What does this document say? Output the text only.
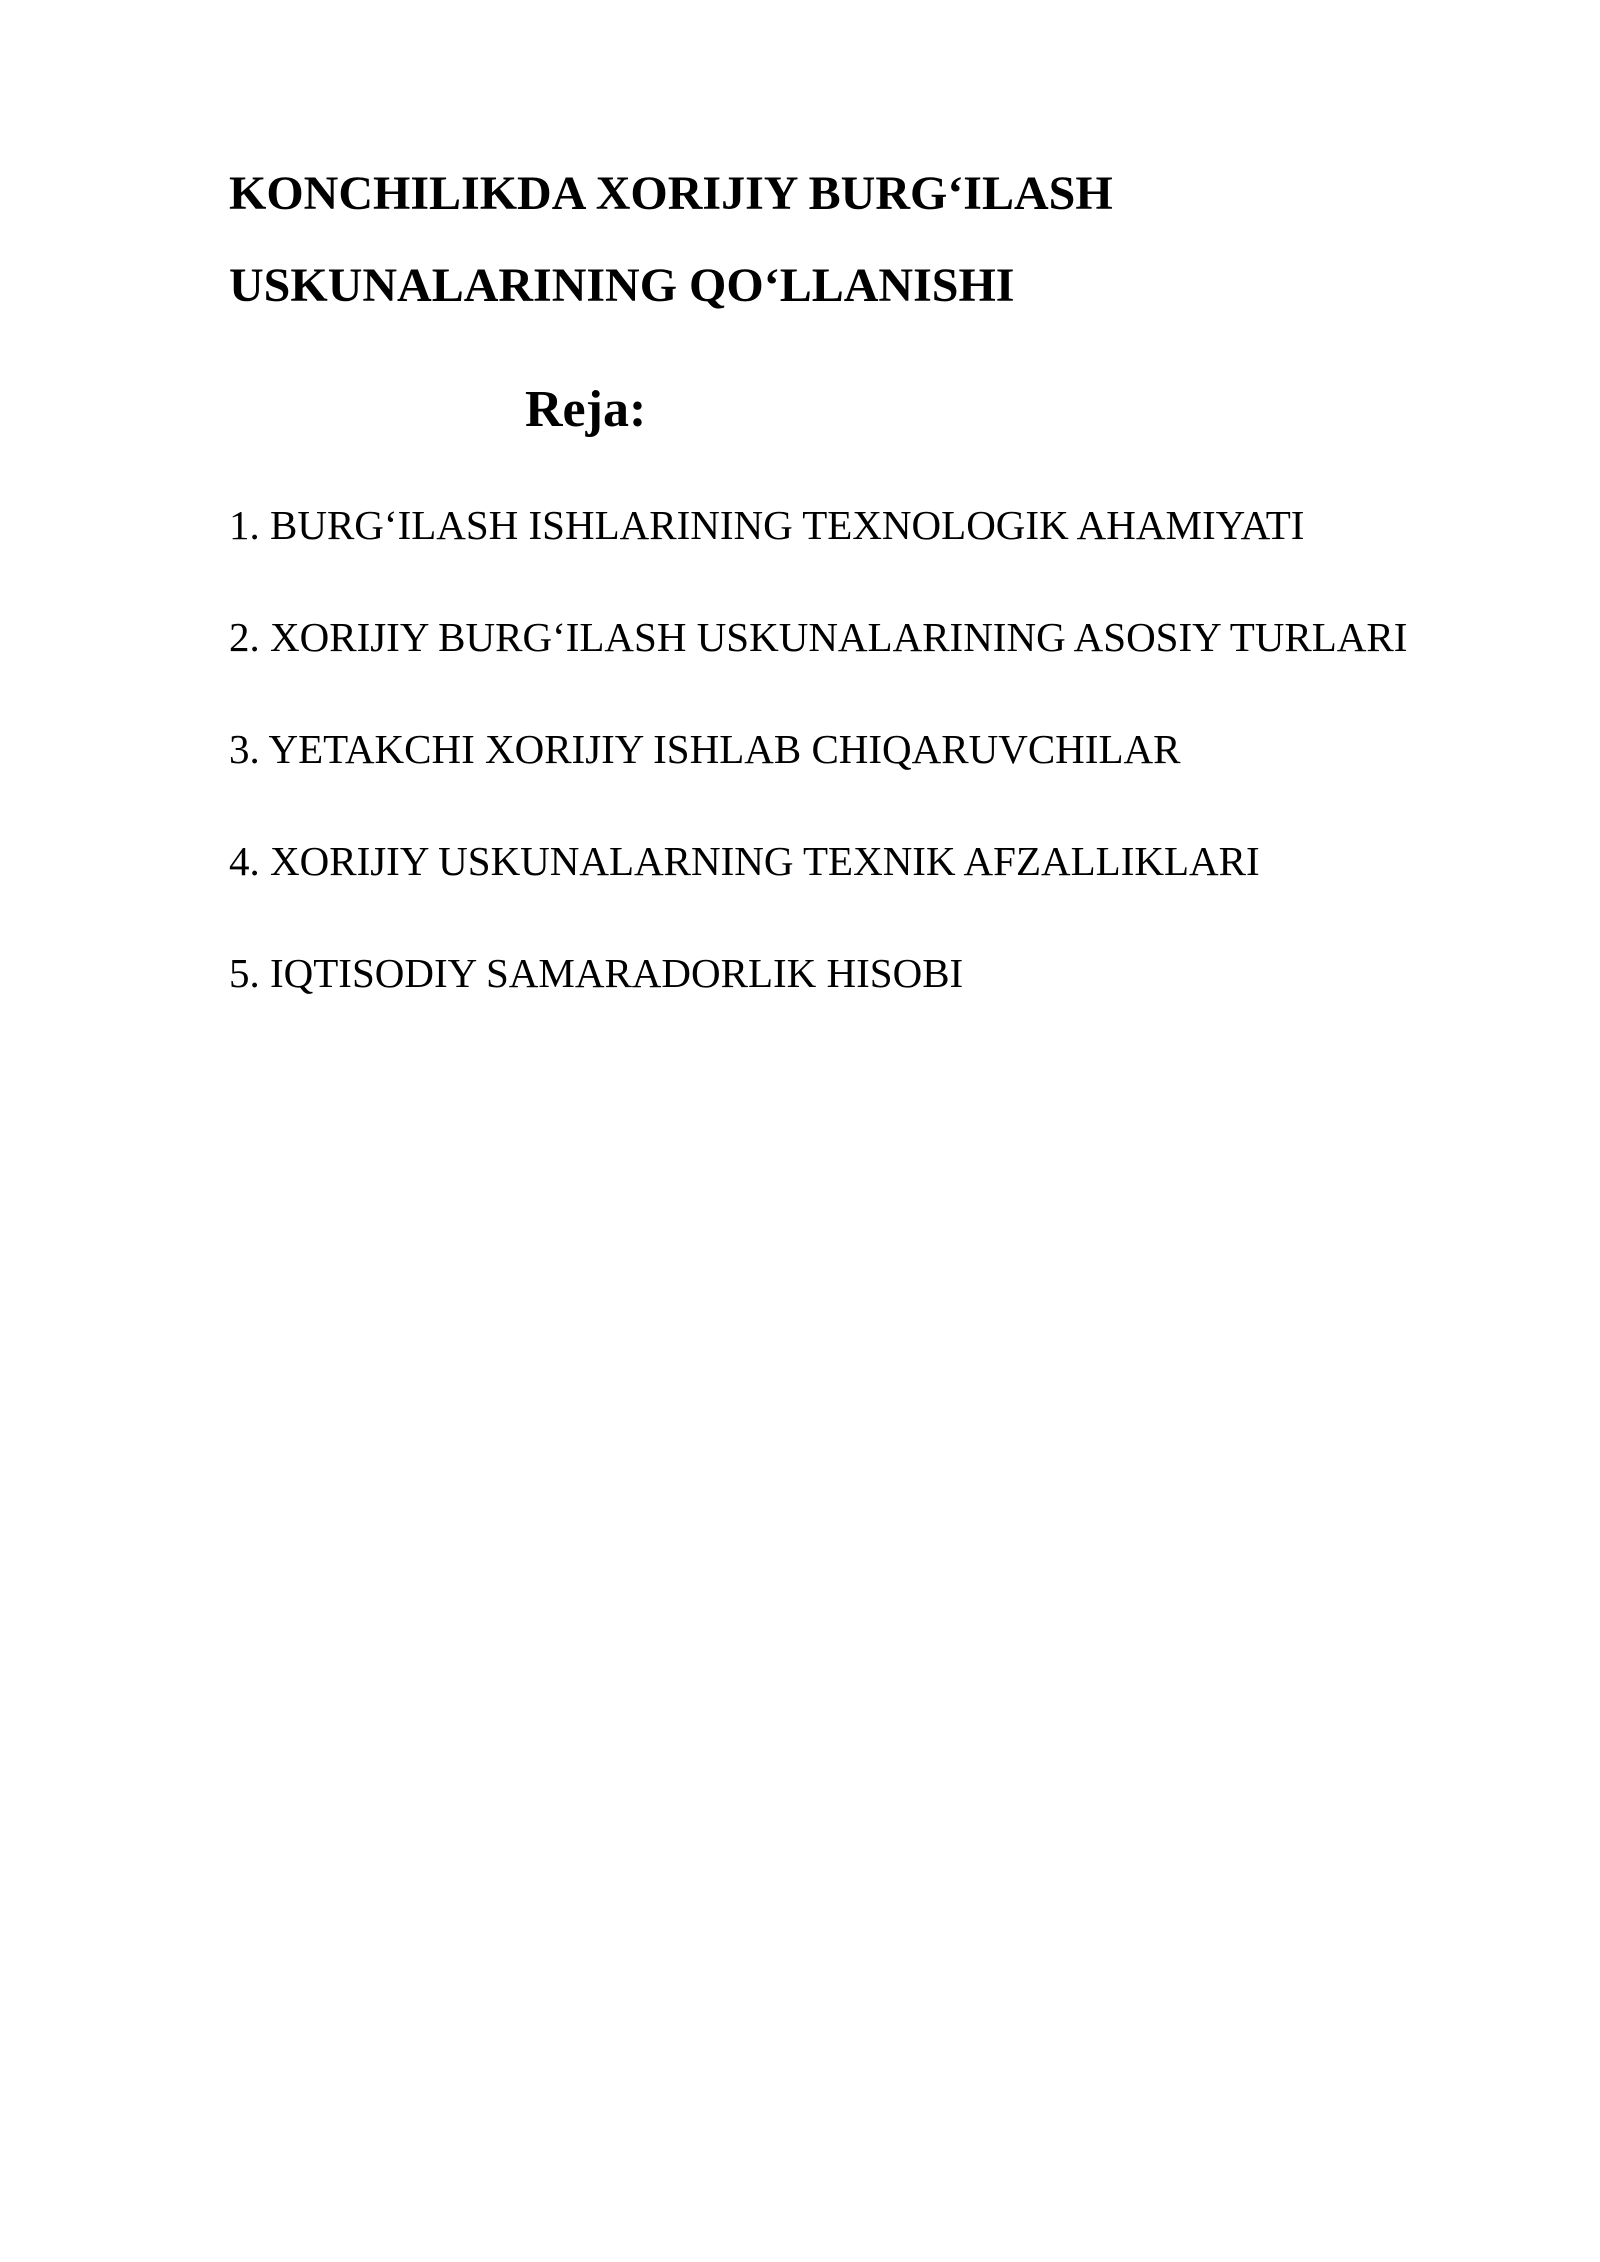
KONCHILIKDA XORIJIY BURG‘ILASH
USKUNALARINING QO‘LLANISHI
Reja:
1. BURG‘ILASH ISHLARINING TEXNOLOGIK AHAMIYATI
2. XORIJIY BURG‘ILASH USKUNALARINING ASOSIY TURLARI
3. YETAKCHI XORIJIY ISHLAB CHIQARUVCHILAR
4. XORIJIY USKUNALARNING TEXNIK AFZALLIKLARI
5. IQTISODIY SAMARADORLIK HISOBI
